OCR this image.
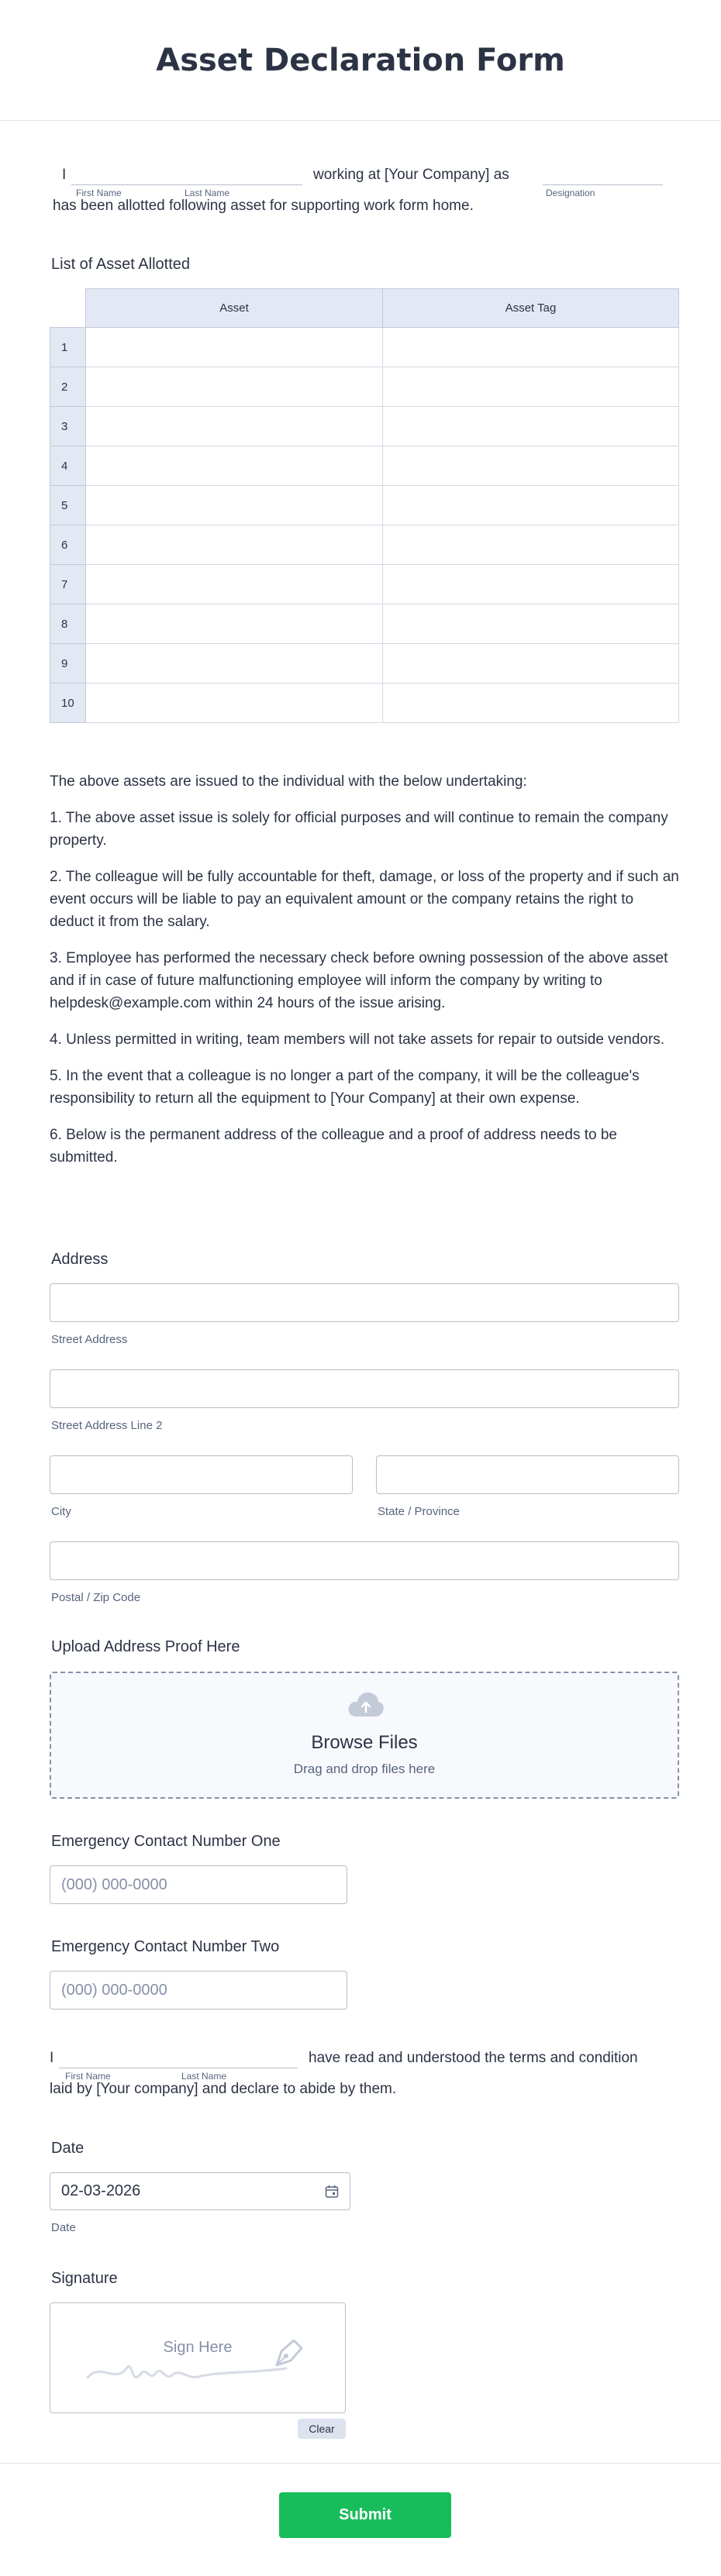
Asset Declaration Form
I
First Name	Last Name
working at [Your Company] as
Designation
has been allotted following asset for supporting work form home.
List of Asset Allotted
	Asset	Asset Tag
1		
2		
3		
4		
5		
6		
7		
8		
9		
10		

The above assets are issued to the individual with the below undertaking:

1. The above asset issue is solely for official purposes and will continue to remain the company property.

2. The colleague will be fully accountable for theft, damage, or loss of the property and if such an event occurs will be liable to pay an equivalent amount or the company retains the right to deduct it from the salary.

3. Employee has performed the necessary check before owning possession of the above asset and if in case of future malfunctioning employee will inform the company by writing to helpdesk@example.com within 24 hours of the issue arising.

4. Unless permitted in writing, team members will not take assets for repair to outside vendors.

5. In the event that a colleague is no longer a part of the company, it will be the colleague's responsibility to return all the equipment to [Your Company] at their own expense.

6. Below is the permanent address of the colleague and a proof of address needs to be submitted.

Address
Street Address
Street Address Line 2
City	State / Province
Postal / Zip Code
Upload Address Proof Here
Browse Files
Drag and drop files here
Emergency Contact Number One
(000) 000-0000
Emergency Contact Number Two
(000) 000-0000
I
First Name	Last Name
have read and understood the terms and condition
laid by [Your company] and declare to abide by them.
Date
02-03-2026
Date
Signature
Sign Here
Clear
Submit
